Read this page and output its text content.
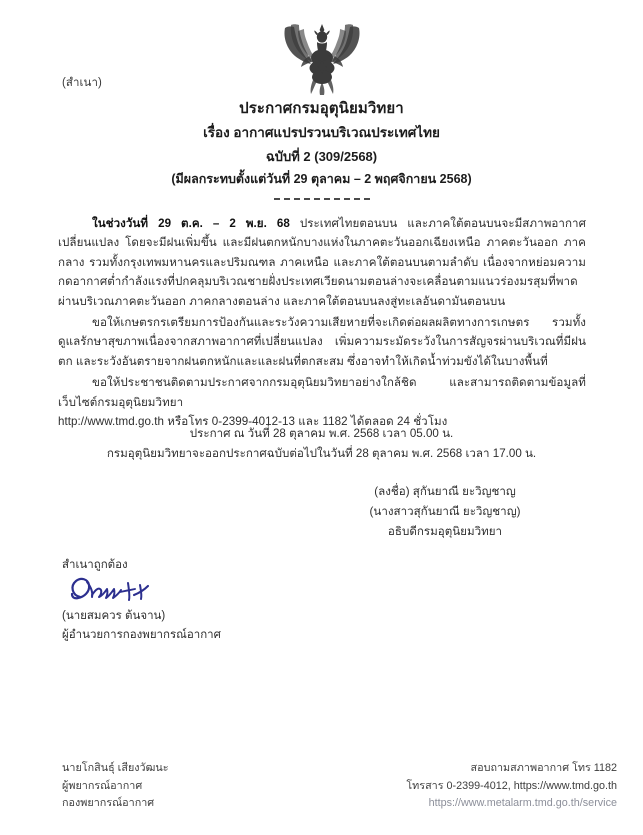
(สำเนา)
ประกาศกรมอุตุนิยมวิทยา
เรื่อง อากาศแปรปรวนบริเวณประเทศไทย
ฉบับที่ 2 (309/2568)
(มีผลกระทบตั้งแต่วันที่ 29 ตุลาคม – 2 พฤศจิกายน 2568)

ในช่วงวันที่ 29 ต.ค. – 2 พ.ย. 68 ประเทศไทยตอนบน และภาคใต้ตอนบนจะมีสภาพอากาศเปลี่ยนแปลง โดยจะมีฝนเพิ่มขึ้น และมีฝนตกหนักบางแห่งในภาคตะวันออกเฉียงเหนือ ภาคตะวันออก ภาคกลาง รวมทั้งกรุงเทพมหานครและปริมณฑล ภาคเหนือ และภาคใต้ตอนบนตามลำดับ เนื่องจากหย่อมความกดอากาศต่ำกำลังแรงที่ปกคลุมบริเวณชายฝั่งประเทศเวียดนามตอนล่างจะเคลื่อนตามแนวร่องมรสุมที่พาดผ่านบริเวณภาคตะวันออก ภาคกลางตอนล่าง และภาคใต้ตอนบนลงสู่ทะเลอันดามันตอนบน

ขอให้เกษตรกรเตรียมการป้องกันและระวังความเสียหายที่จะเกิดต่อผลผลิตทางการเกษตร รวมทั้งดูแลรักษาสุขภาพเนื่องจากสภาพอากาศที่เปลี่ยนแปลง เพิ่มความระมัดระวังในการสัญจรผ่านบริเวณที่มีฝนตก และระวังอันตรายจากฝนตกหนักและและฝนที่ตกสะสม ซึ่งอาจทำให้เกิดน้ำท่วมขังได้ในบางพื้นที่

ขอให้ประชาชนติดตามประกาศจากกรมอุตุนิยมวิทยาอย่างใกล้ชิด และสามารถติดตามข้อมูลที่เว็บไซต์กรมอุตุนิยมวิทยา

http://www.tmd.go.th หรือโทร 0-2399-4012-13 และ 1182 ได้ตลอด 24 ชั่วโมง

ประกาศ ณ วันที่ 28 ตุลาคม พ.ศ. 2568 เวลา 05.00 น.
กรมอุตุนิยมวิทยาจะออกประกาศฉบับต่อไปในวันที่ 28 ตุลาคม พ.ศ. 2568 เวลา 17.00 น.
(ลงชื่อ) สุกันยาณี ยะวิญชาญ
(นางสาวสุกันยาณี ยะวิญชาญ)
อธิบดีกรมอุตุนิยมวิทยา
สำเนาถูกต้อง
(นายสมควร ต้นจาน)
ผู้อำนวยการกองพยากรณ์อากาศ
นายโกสินธุ์ เสียงวัฒนะ
ผู้พยากรณ์อากาศ
กองพยากรณ์อากาศ
สอบถามสภาพอากาศ โทร 1182
โทรสาร 0-2399-4012, https://www.tmd.go.th
https://www.metalarm.tmd.go.th/service
